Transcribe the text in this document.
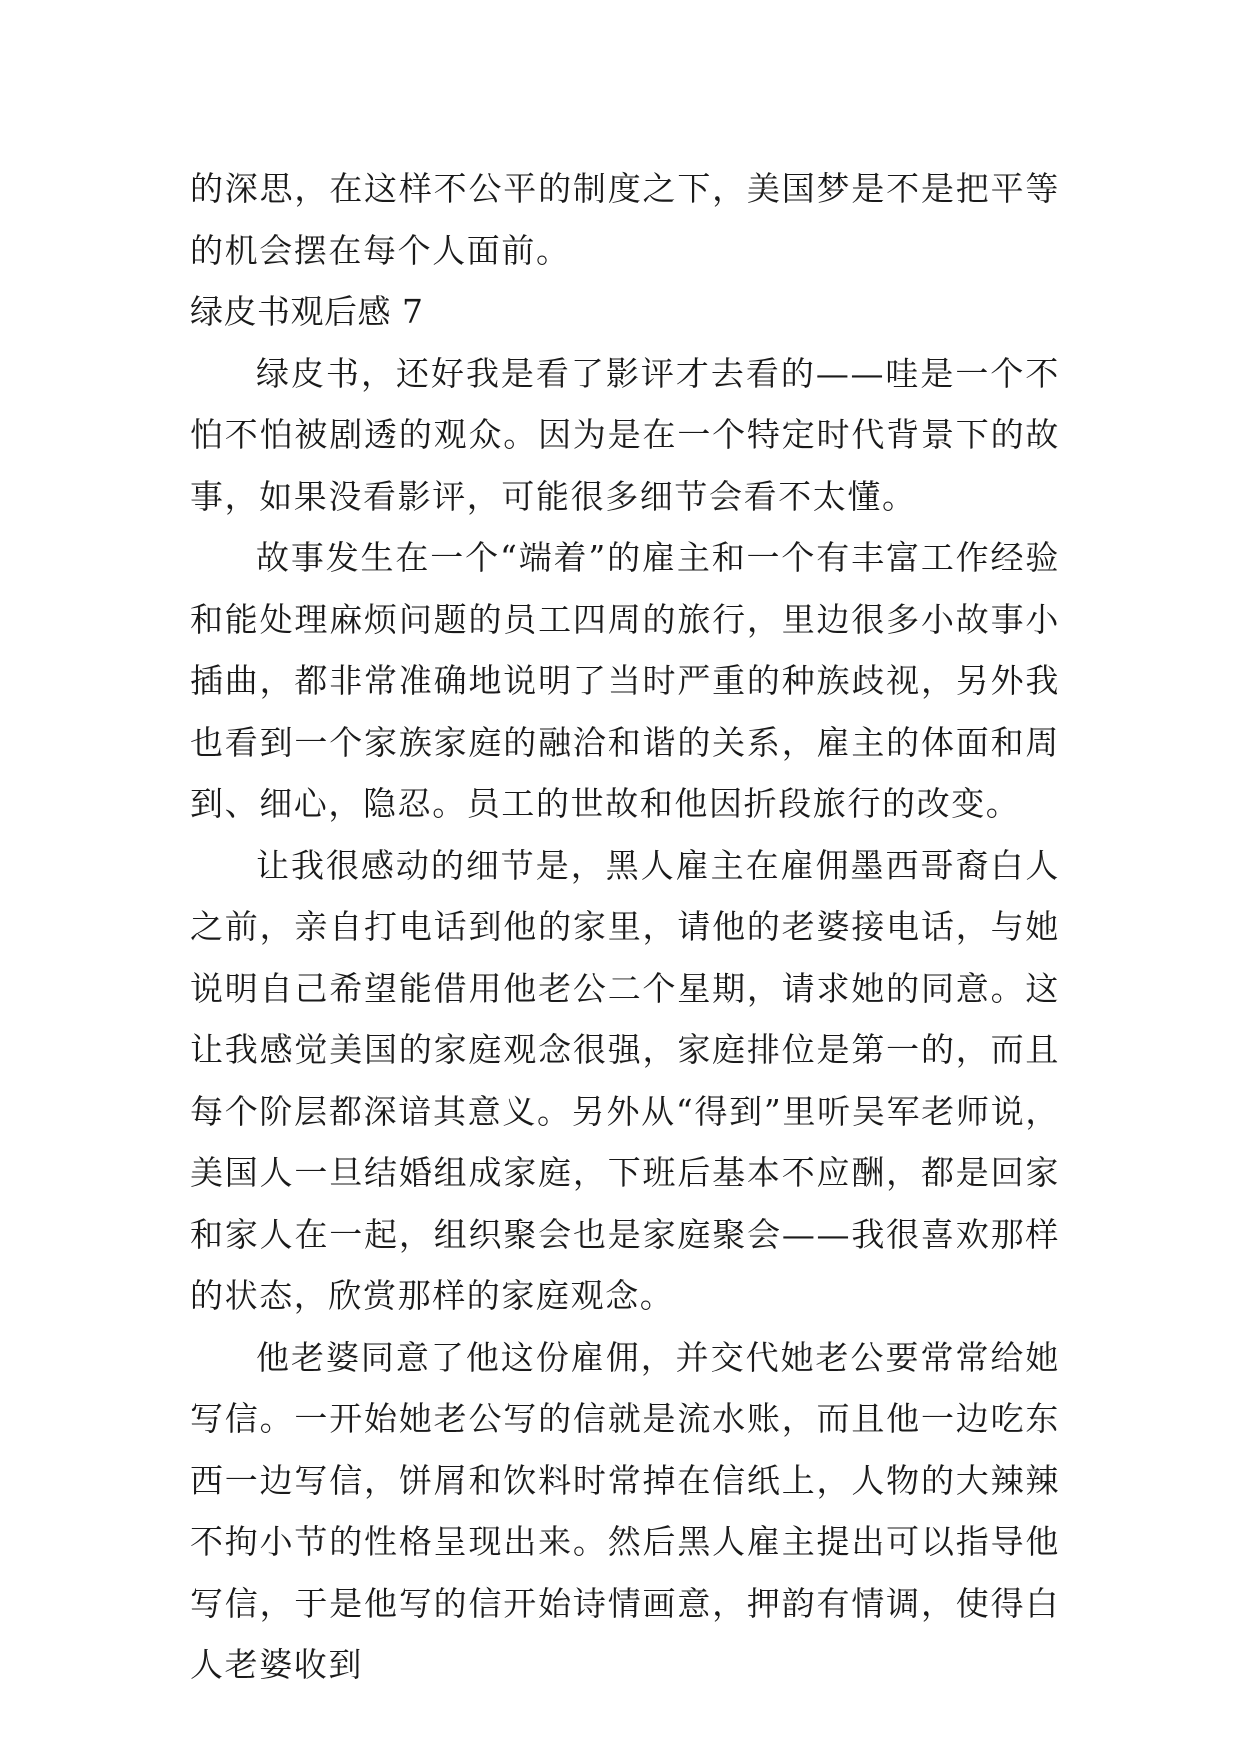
的深思，在这样不公平的制度之下，美国梦是不是把平等的机会摆在每个人面前。

绿皮书观后感 7

绿皮书，还好我是看了影评才去看的——哇是一个不怕不怕被剧透的观众。因为是在一个特定时代背景下的故事，如果没看影评，可能很多细节会看不太懂。

故事发生在一个“端着”的雇主和一个有丰富工作经验和能处理麻烦问题的员工四周的旅行，里边很多小故事小插曲，都非常准确地说明了当时严重的种族歧视，另外我也看到一个家族家庭的融洽和谐的关系，雇主的体面和周到、细心，隐忍。员工的世故和他因折段旅行的改变。

让我很感动的细节是，黑人雇主在雇佣墨西哥裔白人之前，亲自打电话到他的家里，请他的老婆接电话，与她说明自己希望能借用他老公二个星期，请求她的同意。这让我感觉美国的家庭观念很强，家庭排位是第一的，而且每个阶层都深谙其意义。另外从“得到”里听吴军老师说，美国人一旦结婚组成家庭，下班后基本不应酬，都是回家和家人在一起，组织聚会也是家庭聚会——我很喜欢那样的状态，欣赏那样的家庭观念。

他老婆同意了他这份雇佣，并交代她老公要常常给她写信。一开始她老公写的信就是流水账，而且他一边吃东西一边写信，饼屑和饮料时常掉在信纸上，人物的大辣辣不拘小节的性格呈现出来。然后黑人雇主提出可以指导他写信，于是他写的信开始诗情画意，押韵有情调，使得白人老婆收到
